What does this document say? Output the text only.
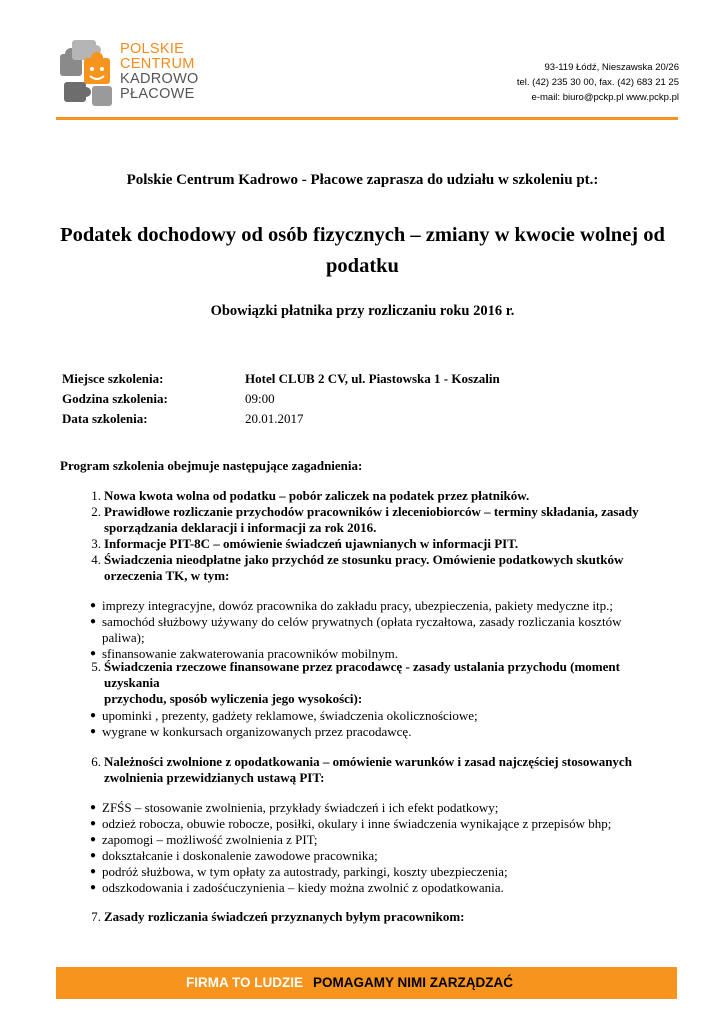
POLSKIE
CENTRUM
KADROWO
PŁACOWE
93-119 Łódź, Nieszawska 20/26
tel. (42) 235 30 00, fax. (42) 683 21 25
e-mail: biuro@pckp.pl www.pckp.pl
Polskie Centrum Kadrowo - Płacowe zaprasza do udziału w szkoleniu pt.:
Podatek dochodowy od osób fizycznych – zmiany w kwocie wolnej od
podatku
Obowiązki płatnika przy rozliczaniu roku 2016 r.
Miejsce szkolenia:	Hotel CLUB 2 CV, ul. Piastowska 1 - Koszalin
Godzina szkolenia:	09:00
Data szkolenia:	20.01.2017
Program szkolenia obejmuje następujące zagadnienia:
1. Nowa kwota wolna od podatku – pobór zaliczek na podatek przez płatników.
2. Prawidłowe rozliczanie przychodów pracowników i zleceniobiorców – terminy składania, zasady
sporządzania deklaracji i informacji za rok 2016.
3. Informacje PIT-8C – omówienie świadczeń ujawnianych w informacji PIT.
4. Świadczenia nieodpłatne jako przychód ze stosunku pracy. Omówienie podatkowych skutków
orzeczenia TK, w tym:
● imprezy integracyjne, dowóz pracownika do zakładu pracy, ubezpieczenia, pakiety medyczne itp.;
● samochód służbowy używany do celów prywatnych (opłata ryczałtowa, zasady rozliczania kosztów paliwa);
● sfinansowanie zakwaterowania pracowników mobilnym.
5. Świadczenia rzeczowe finansowane przez pracodawcę - zasady ustalania przychodu (moment uzyskania
przychodu, sposób wyliczenia jego wysokości):
● upominki , prezenty, gadżety reklamowe, świadczenia okolicznościowe;
● wygrane w konkursach organizowanych przez pracodawcę.
6. Należności zwolnione z opodatkowania – omówienie warunków i zasad najczęściej stosowanych
zwolnienia przewidzianych ustawą PIT:
● ZFŚS – stosowanie zwolnienia, przykłady świadczeń i ich efekt podatkowy;
● odzież robocza, obuwie robocze, posiłki, okulary i inne świadczenia wynikające z przepisów bhp;
● zapomogi – możliwość zwolnienia z PIT;
● dokształcanie i doskonalenie zawodowe pracownika;
● podróż służbowa, w tym opłaty za autostrady, parkingi, koszty ubezpieczenia;
● odszkodowania i zadośćuczynienia – kiedy można zwolnić z opodatkowania.
7. Zasady rozliczania świadczeń przyznanych byłym pracownikom:
FIRMA TO LUDZIE POMAGAMY NIMI ZARZĄDZAĆ
